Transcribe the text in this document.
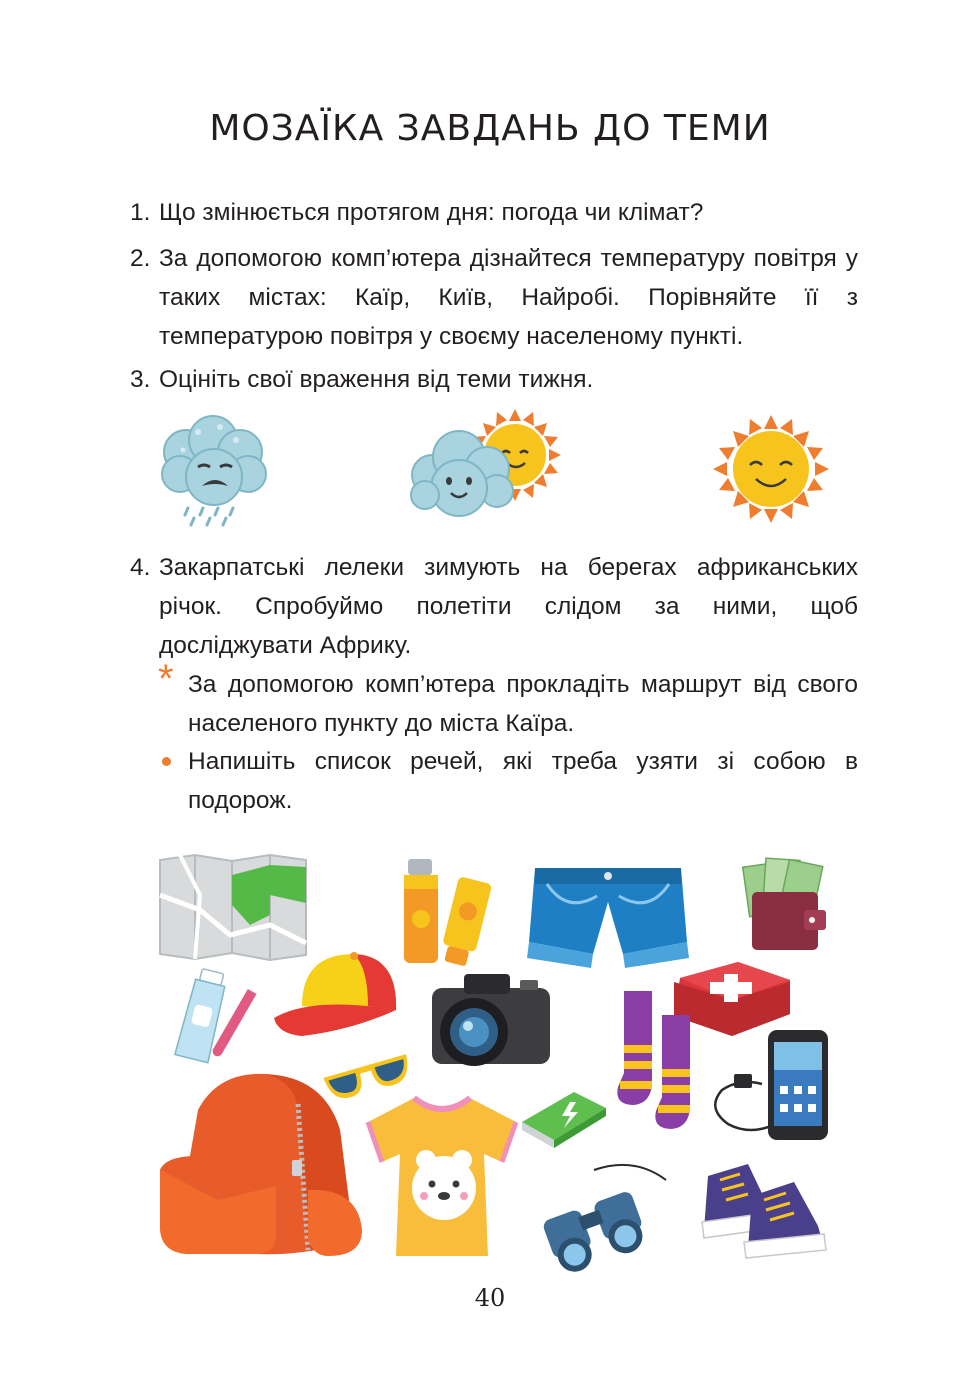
МОЗАЇКА ЗАВДАНЬ ДО ТЕМИ
1. Що змінюється протягом дня: погода чи клімат?
2. За допомогою комп’ютера дізнайтеся температуру повітря у таких містах: Каїр, Київ, Найробі. Порівняйте її з температурою повітря у своєму населеному пункті.
3. Оцініть свої враження від теми тижня.
4. Закарпатські лелеки зимують на берегах африканських річок. Спробуймо полетіти слідом за ними, щоб досліджувати Африку.
* За допомогою комп’ютера прокладіть маршрут від свого населеного пункту до міста Каїра.
Напишіть список речей, які треба узяти зі собою в подорож.
40
